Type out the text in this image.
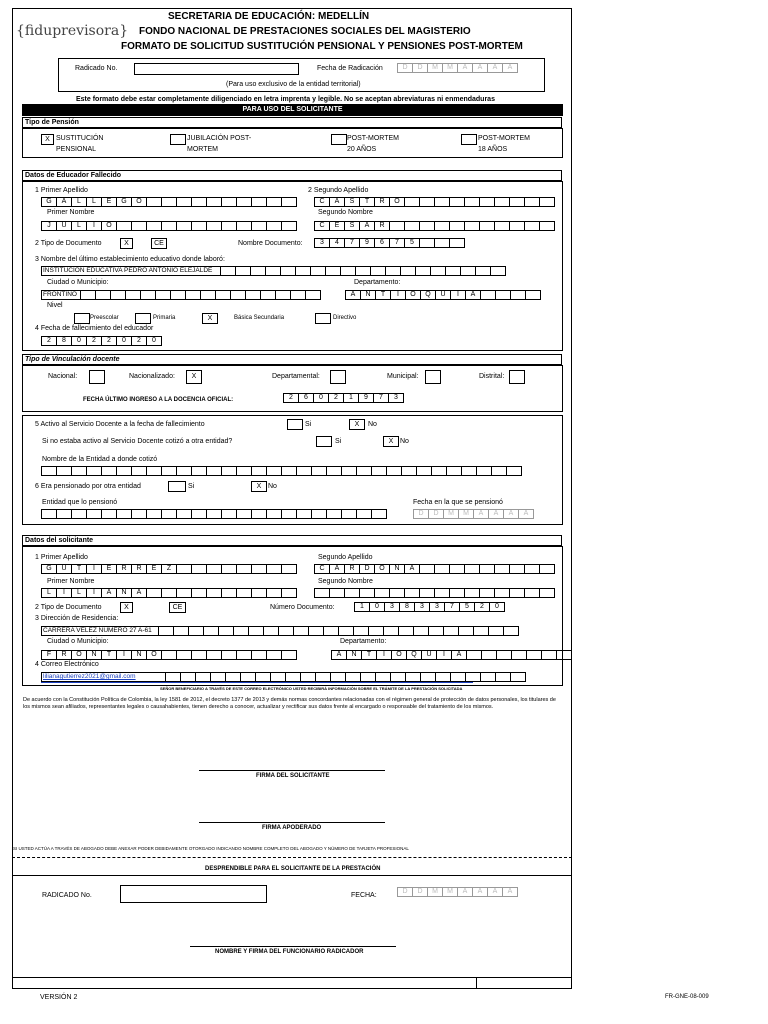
{fiduprevisora}
SECRETARIA DE EDUCACIÓN: MEDELLÍN
FONDO NACIONAL DE PRESTACIONES SOCIALES DEL MAGISTERIO
FORMATO DE SOLICITUD SUSTITUCIÓN PENSIONAL Y PENSIONES POST-MORTEM
Radicado No.	Fecha de Radicación	D	D	M	M	A	A	A	A
(Para uso exclusivo de la entidad territorial)
Este formato debe estar completamente diligenciado en letra imprenta y legible. No se aceptan abreviaturas ni enmendaduras
PARA USO DEL SOLICITANTE
Tipo de Pensión
X SUSTITUCIÓN
PENSIONAL
JUBILACIÓN POST-
MORTEM
POST-MORTEM
20 AÑOS
POST-MORTEM
18 AÑOS
Datos de Educador Fallecido
1 Primer Apellido
G	A	L	L	E	G	O
2 Segundo Apellido
C	A	S	T	R	O
Primer Nombre
J	U	L	I	O
Segundo Nombre
C	E	S	A	R
2 Tipo de Documento	X	CE	Nombre Documento:	3	4	7	9	6	7	5
3 Nombre del último establecimiento educativo donde laboró:
INSTITUCION EDUCATIVA PEDRO ANTONIO ELEJALDE
Ciudad o Municipio:
FRONTINO
Departamento:
A	N	T	I	O	Q	U	I	A
Nivel
Preescolar	Primaria	X	Básica Secundaria	Directivo
4 Fecha de fallecimiento del educador
2	8	0	2	2	0	2	0
Tipo de Vinculación docente
Nacional:	Nacionalizado:	X	Departamental:	Municipal:	Distrital:
FECHA ÚLTIMO INGRESO A LA DOCENCIA OFICIAL:	2	6	0	2	1	9	7	3
5 Activo al Servicio Docente a la fecha de fallecimiento	Si	X	No
Si no estaba activo al Servicio Docente cotizó a otra entidad?	Si	X No
Nombre de la Entidad a donde cotizó
6 Era pensionado por otra entidad	Si	X No
Entidad que lo pensionó	Fecha en la que se pensionó
D	D	M	M	A	A	A	A
Datos del solicitante
1 Primer Apellido
G	U	T	I	E	R	R	E	Z
Segundo Apellido
C	A	R	D	O	N	A
Primer Nombre
L	I	L	I	A	N	A
Segundo Nombre
2 Tipo de Documento	X	CE	Número Documento:	1	0	3	8	3	3	7	5	2	0
3 Dirección de Residencia:
CARRERA VELEZ NUMERO 27 A-61
Ciudad o Municipio:
F	R	O	N	T	I	N	O
Departamento:
A	N	T	I	O	Q	U	I	A
4 Correo Electrónico
lilianagutierrez2021@gmail.com
SEÑOR BENEFICIARIO A TRAVÉS DE ESTE CORREO ELECTRÓNICO USTED RECIBIRÁ INFORMACIÓN SOBRE EL TRÁMITE DE LA PRESTACIÓN SOLICITADA
De acuerdo con la Constitución Política de Colombia, la ley 1581 de 2012, el decreto 1377 de 2013 y demás normas concordantes relacionadas con el régimen general de protección de datos personales, los titulares de los mismos sean afiliados, representantes legales o causahabientes, tienen derecho a conocer, actualizar y rectificar sus datos frente al encargado o responsable del tratamiento de los mismos.
FIRMA DEL SOLICITANTE
FIRMA APODERADO
SI USTED ACTÚA A TRAVÉS DE ABOGADO DEBE ANEXAR PODER DEBIDAMENTE OTORGADO INDICANDO NOMBRE COMPLETO DEL ABOGADO Y NÚMERO DE TARJETA PROFESIONAL
DESPRENDIBLE PARA EL SOLICITANTE DE LA PRESTACIÓN
RADICADO No.	FECHA:
D	D	M	M	A	A	A	A
NOMBRE Y FIRMA DEL FUNCIONARIO RADICADOR
VERSIÓN 2	FR-GNE-08-009
